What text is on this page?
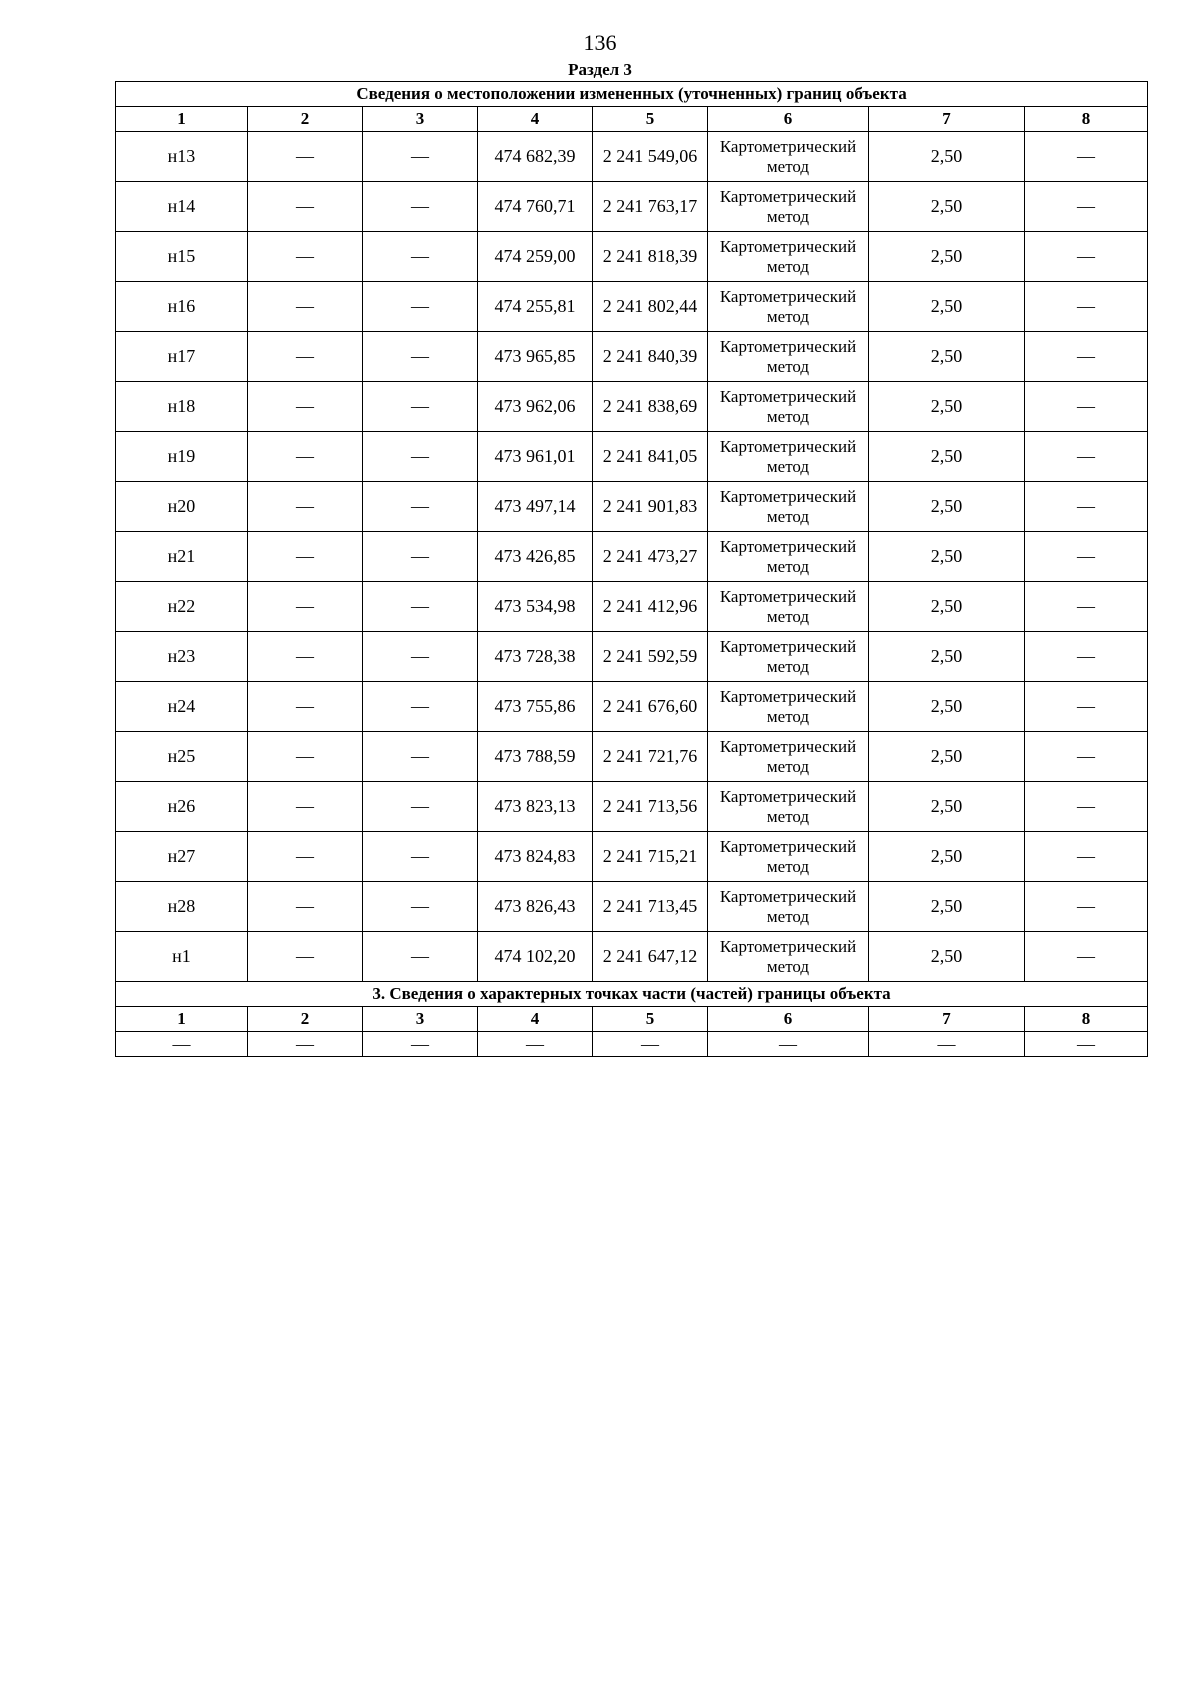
136
Раздел 3
Сведения о местоположении измененных (уточненных) границ объекта							
1	2	3	4	5	6	7	8
н13	—	—	474 682,39	2 241 549,06	Картометрический метод	2,50	—
н14	—	—	474 760,71	2 241 763,17	Картометрический метод	2,50	—
н15	—	—	474 259,00	2 241 818,39	Картометрический метод	2,50	—
н16	—	—	474 255,81	2 241 802,44	Картометрический метод	2,50	—
н17	—	—	473 965,85	2 241 840,39	Картометрический метод	2,50	—
н18	—	—	473 962,06	2 241 838,69	Картометрический метод	2,50	—
н19	—	—	473 961,01	2 241 841,05	Картометрический метод	2,50	—
н20	—	—	473 497,14	2 241 901,83	Картометрический метод	2,50	—
н21	—	—	473 426,85	2 241 473,27	Картометрический метод	2,50	—
н22	—	—	473 534,98	2 241 412,96	Картометрический метод	2,50	—
н23	—	—	473 728,38	2 241 592,59	Картометрический метод	2,50	—
н24	—	—	473 755,86	2 241 676,60	Картометрический метод	2,50	—
н25	—	—	473 788,59	2 241 721,76	Картометрический метод	2,50	—
н26	—	—	473 823,13	2 241 713,56	Картометрический метод	2,50	—
н27	—	—	473 824,83	2 241 715,21	Картометрический метод	2,50	—
н28	—	—	473 826,43	2 241 713,45	Картометрический метод	2,50	—
н1	—	—	474 102,20	2 241 647,12	Картометрический метод	2,50	—
3. Сведения о характерных точках части (частей) границы объекта							
1	2	3	4	5	6	7	8
—	—	—	—	—	—	—	—
